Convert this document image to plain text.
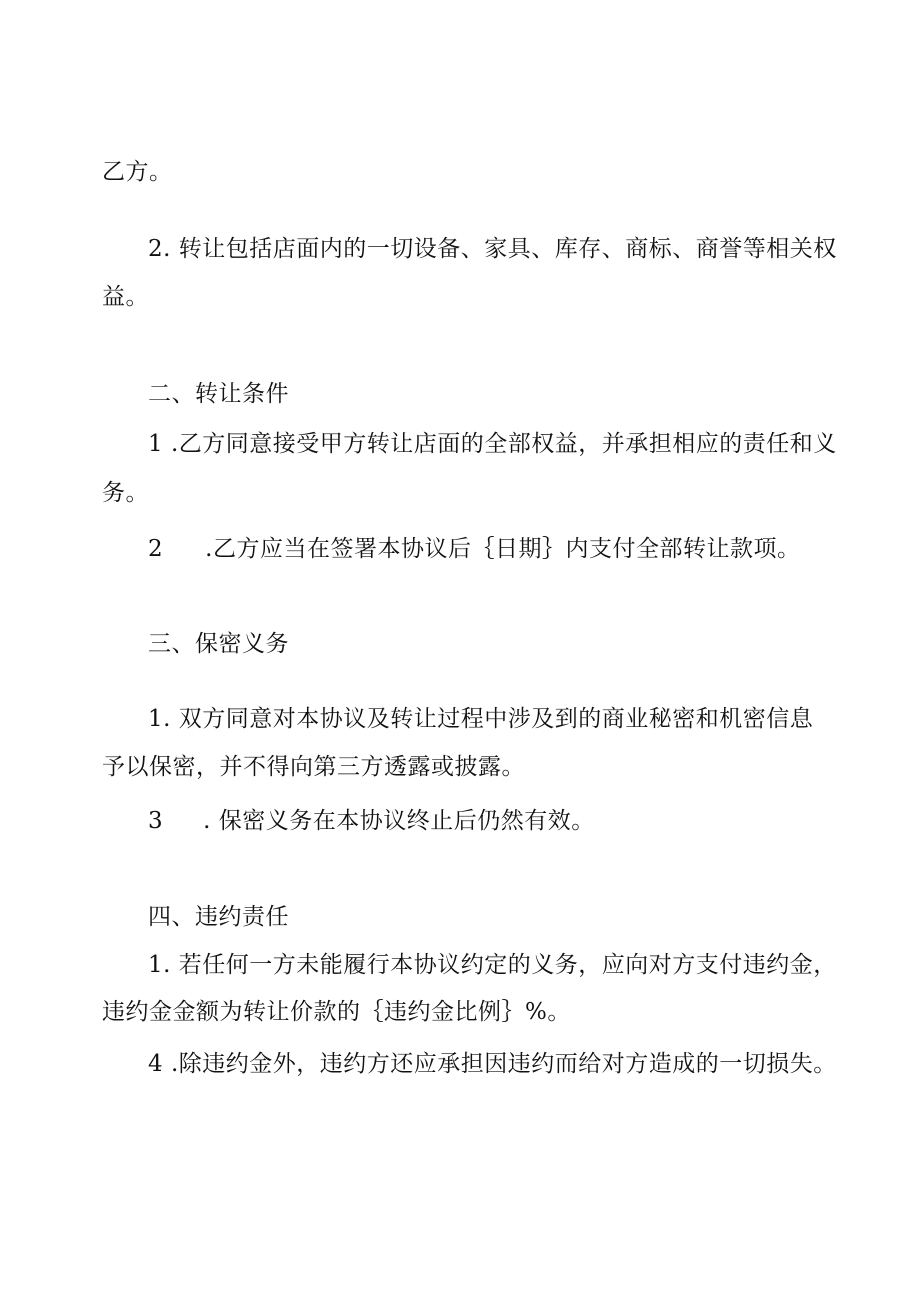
乙方。
2. 转让包括店面内的一切设备、家具、库存、商标、商誉等相关权
益。
二、转让条件
1 .乙方同意接受甲方转让店面的全部权益，并承担相应的责任和义
务。
2 .乙方应当在签署本协议后｛日期｝内支付全部转让款项。
三、保密义务
1. 双方同意对本协议及转让过程中涉及到的商业秘密和机密信息
予以保密，并不得向第三方透露或披露。
3 . 保密义务在本协议终止后仍然有效。
四、违约责任
1. 若任何一方未能履行本协议约定的义务，应向对方支付违约金，
违约金金额为转让价款的｛违约金比例｝%。
4 .除违约金外，违约方还应承担因违约而给对方造成的一切损失。
